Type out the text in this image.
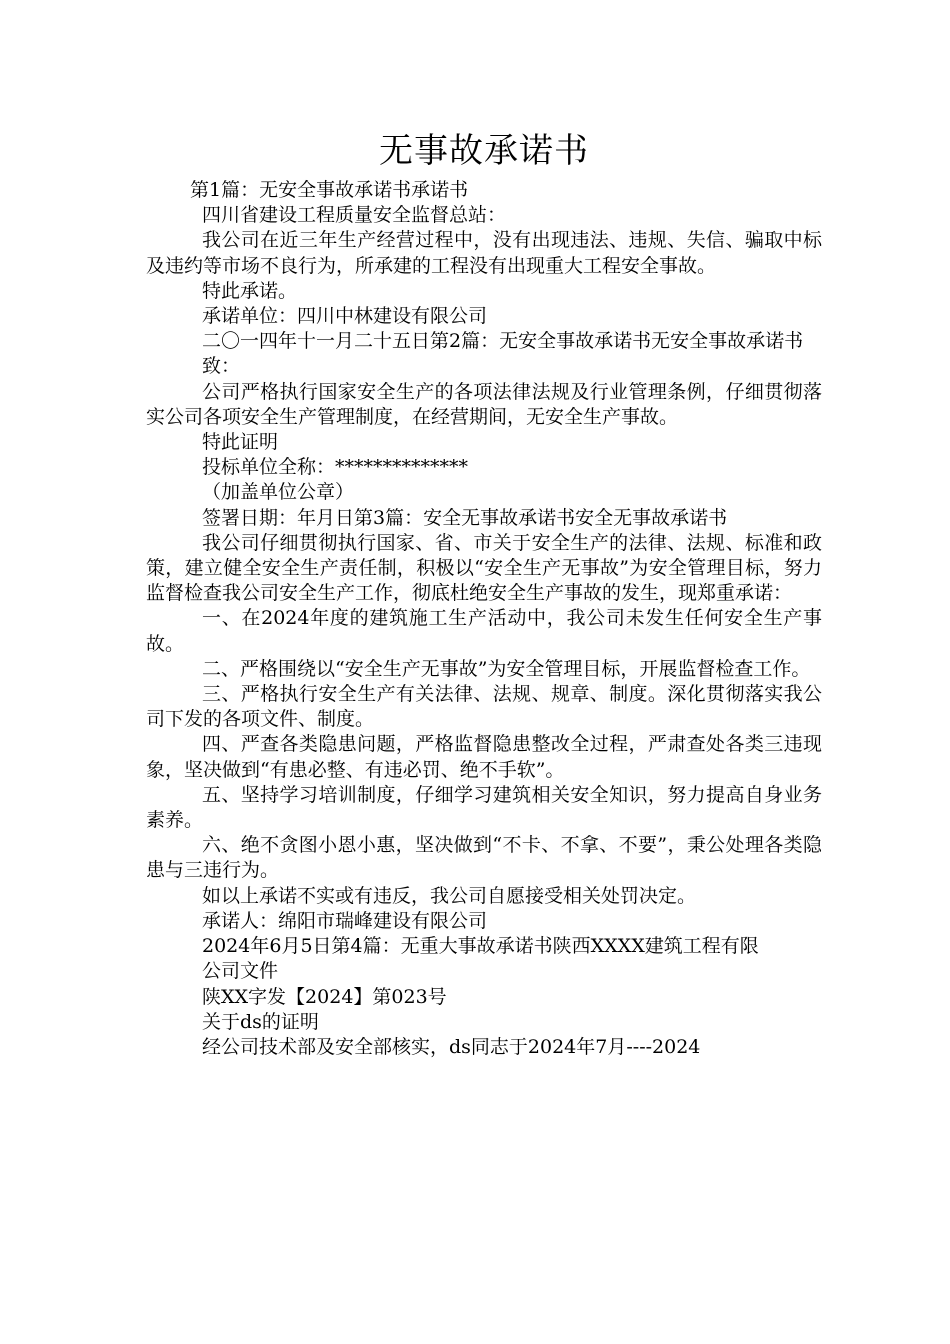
无事故承诺书

第1篇：无安全事故承诺书承诺书

四川省建设工程质量安全监督总站：

我公司在近三年生产经营过程中，没有出现违法、违规、失信、骗取中标及违约等市场不良行为，所承建的工程没有出现重大工程安全事故。

特此承诺。

承诺单位：四川中林建设有限公司

二〇一四年十一月二十五日第2篇：无安全事故承诺书无安全事故承诺书

致：

公司严格执行国家安全生产的各项法律法规及行业管理条例，仔细贯彻落实公司各项安全生产管理制度，在经营期间，无安全生产事故。

特此证明

投标单位全称：**************

（加盖单位公章）

签署日期：年月日第3篇：安全无事故承诺书安全无事故承诺书

我公司仔细贯彻执行国家、省、市关于安全生产的法律、法规、标准和政策，建立健全安全生产责任制，积极以“安全生产无事故”为安全管理目标，努力监督检查我公司安全生产工作，彻底杜绝安全生产事故的发生，现郑重承诺：

一、在2024年度的建筑施工生产活动中，我公司未发生任何安全生产事故。

二、严格围绕以“安全生产无事故”为安全管理目标，开展监督检查工作。

三、严格执行安全生产有关法律、法规、规章、制度。深化贯彻落实我公司下发的各项文件、制度。

四、严查各类隐患问题，严格监督隐患整改全过程，严肃查处各类三违现象，坚决做到“有患必整、有违必罚、绝不手软”。

五、坚持学习培训制度，仔细学习建筑相关安全知识，努力提高自身业务素养。

六、绝不贪图小恩小惠，坚决做到“不卡、不拿、不要”，秉公处理各类隐患与三违行为。

如以上承诺不实或有违反，我公司自愿接受相关处罚决定。

承诺人：绵阳市瑞峰建设有限公司

2024年6月5日第4篇：无重大事故承诺书陕西XXXX建筑工程有限

公司文件

陕XX字发【2024】第023号

关于ds的证明

经公司技术部及安全部核实，ds同志于2024年7月----2024
